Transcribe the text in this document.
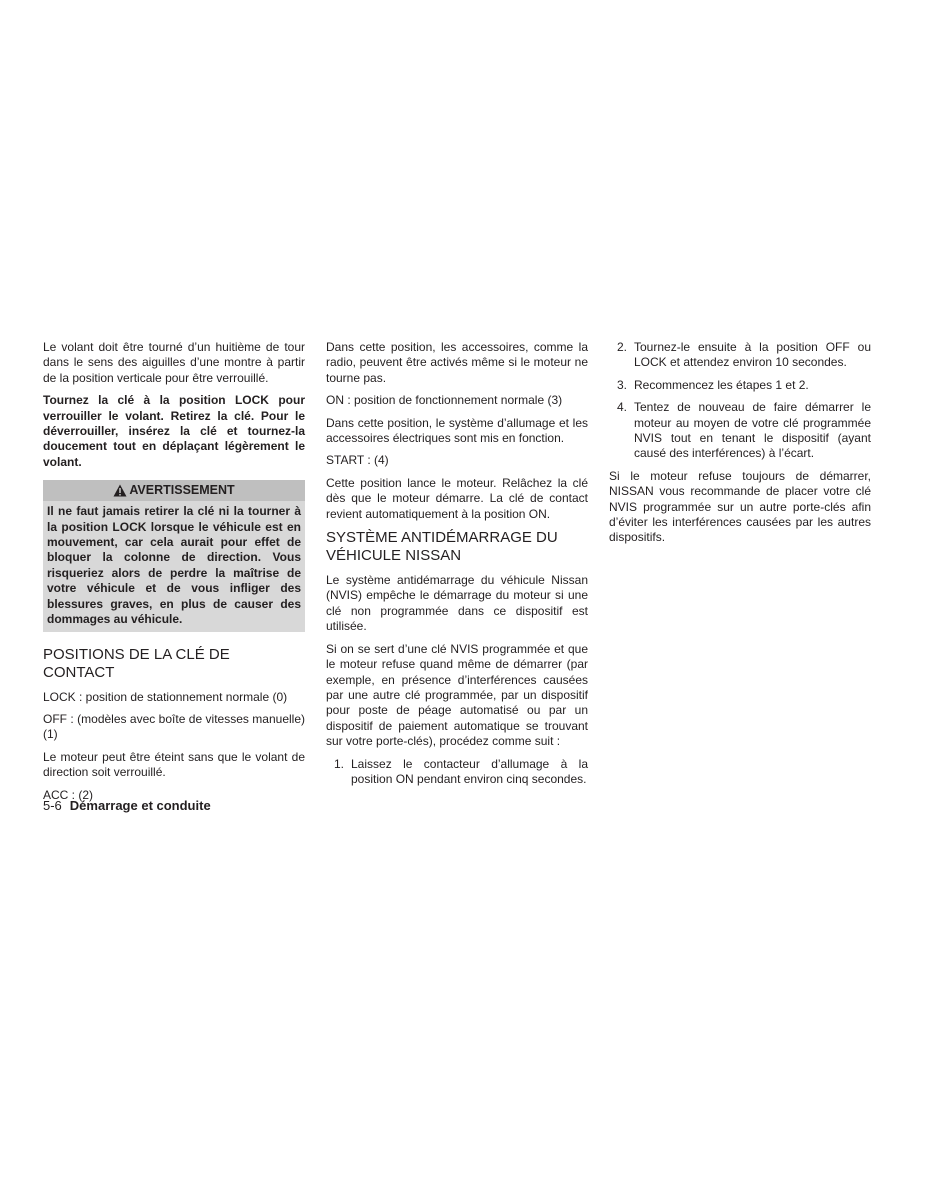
Le volant doit être tourné d’un huitième de tour dans le sens des aiguilles d’une montre à partir de la position verticale pour être verrouillé.

Tournez la clé à la position LOCK pour verrouiller le volant. Retirez la clé. Pour le déverrouiller, insérez la clé et tournez-la doucement tout en déplaçant légèrement le volant.

AVERTISSEMENT
Il ne faut jamais retirer la clé ni la tourner à la position LOCK lorsque le véhicule est en mouvement, car cela aurait pour effet de bloquer la colonne de direction. Vous risqueriez alors de perdre la maîtrise de votre véhicule et de vous infliger des blessures graves, en plus de causer des dommages au véhicule.
POSITIONS DE LA CLÉ DE CONTACT

LOCK : position de stationnement normale (0)

OFF : (modèles avec boîte de vitesses manuelle) (1)

Le moteur peut être éteint sans que le volant de direction soit verrouillé.

ACC : (2)

Dans cette position, les accessoires, comme la radio, peuvent être activés même si le moteur ne tourne pas.

ON : position de fonctionnement normale (3)

Dans cette position, le système d’allumage et les accessoires électriques sont mis en fonction.

START : (4)

Cette position lance le moteur. Relâchez la clé dès que le moteur démarre. La clé de contact revient automatiquement à la position ON.

SYSTÈME ANTIDÉMARRAGE DU VÉHICULE NISSAN

Le système antidémarrage du véhicule Nissan (NVIS) empêche le démarrage du moteur si une clé non programmée dans ce dispositif est utilisée.

Si on se sert d’une clé NVIS programmée et que le moteur refuse quand même de démarrer (par exemple, en présence d’interférences causées par une autre clé programmée, par un dispositif pour poste de péage automatisé ou par un dispositif de paiement automatique se trouvant sur votre porte-clés), procédez comme suit :

1. Laissez le contacteur d’allumage à la position ON pendant environ cinq secondes.
2. Tournez-le ensuite à la position OFF ou LOCK et attendez environ 10 secondes.
3. Recommencez les étapes 1 et 2.
4. Tentez de nouveau de faire démarrer le moteur au moyen de votre clé programmée NVIS tout en tenant le dispositif (ayant causé des interférences) à l’écart.

Si le moteur refuse toujours de démarrer, NISSAN vous recommande de placer votre clé NVIS programmée sur un autre porte-clés afin d’éviter les interférences causées par les autres dispositifs.

5-6 Démarrage et conduite
